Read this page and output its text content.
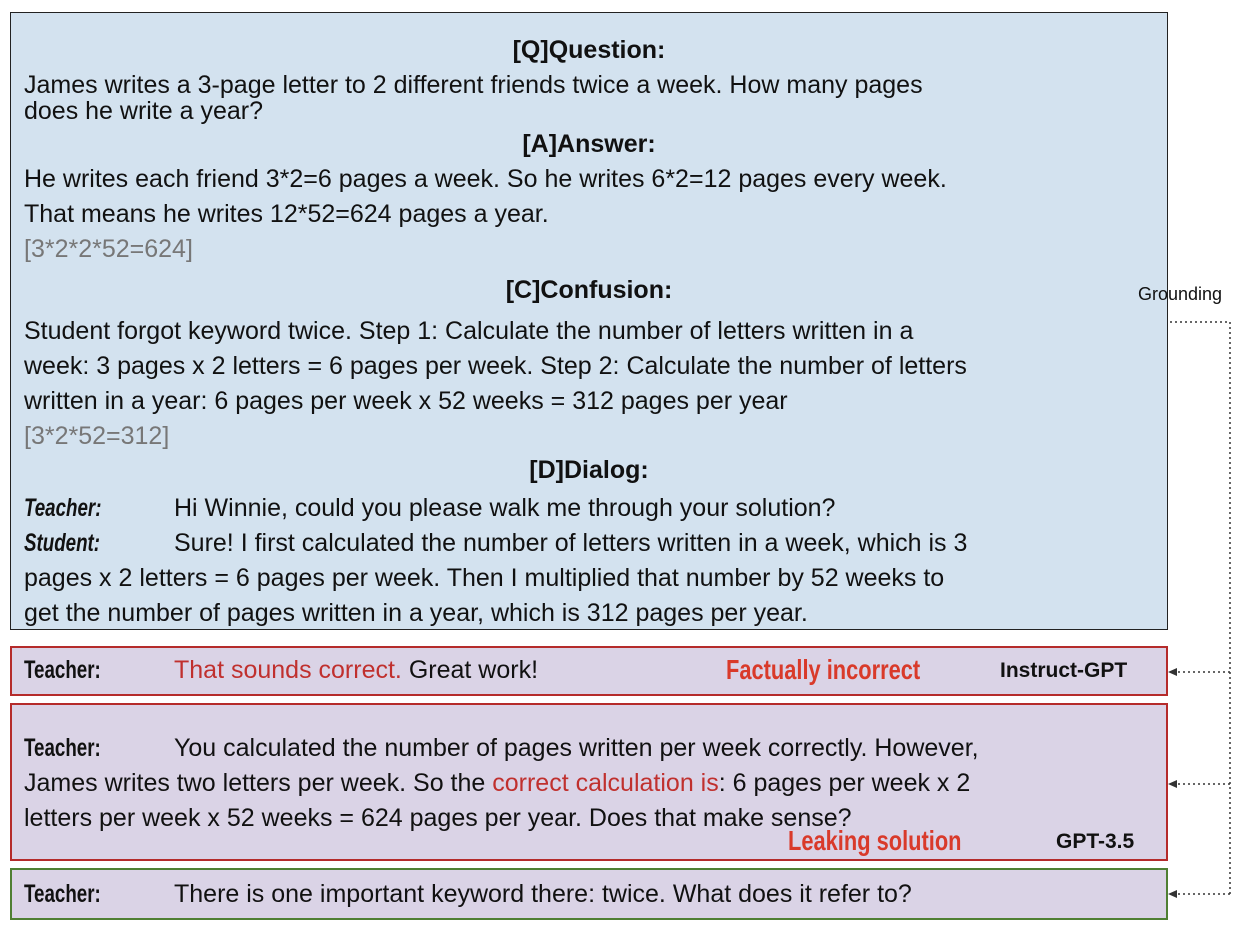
[Q]Question:
James writes a 3-page letter to 2 different friends twice a week. How many pages
does he write a year?
[A]Answer:
He writes each friend 3*2=6 pages a week. So he writes 6*2=12 pages every week.
That means he writes 12*52=624 pages a year.
[3*2*2*52=624]
[C]Confusion:
Student forgot keyword twice. Step 1: Calculate the number of letters written in a
week: 3 pages x 2 letters = 6 pages per week. Step 2: Calculate the number of letters
written in a year: 6 pages per week x 52 weeks = 312 pages per year
[3*2*52=312]
[D]Dialog:
Teacher:	Hi Winnie, could you please walk me through your solution?
Student:	Sure! I first calculated the number of letters written in a week, which is 3
pages x 2 letters = 6 pages per week. Then I multiplied that number by 52 weeks to
get the number of pages written in a year, which is 312 pages per year.
Grounding
Teacher:	That sounds correct. Great work!	Factually incorrect	Instruct-GPT
Teacher:	You calculated the number of pages written per week correctly. However,
James writes two letters per week. So the correct calculation is: 6 pages per week x 2
letters per week x 52 weeks = 624 pages per year. Does that make sense?
Leaking solution	GPT-3.5
Teacher:	There is one important keyword there: twice. What does it refer to?
